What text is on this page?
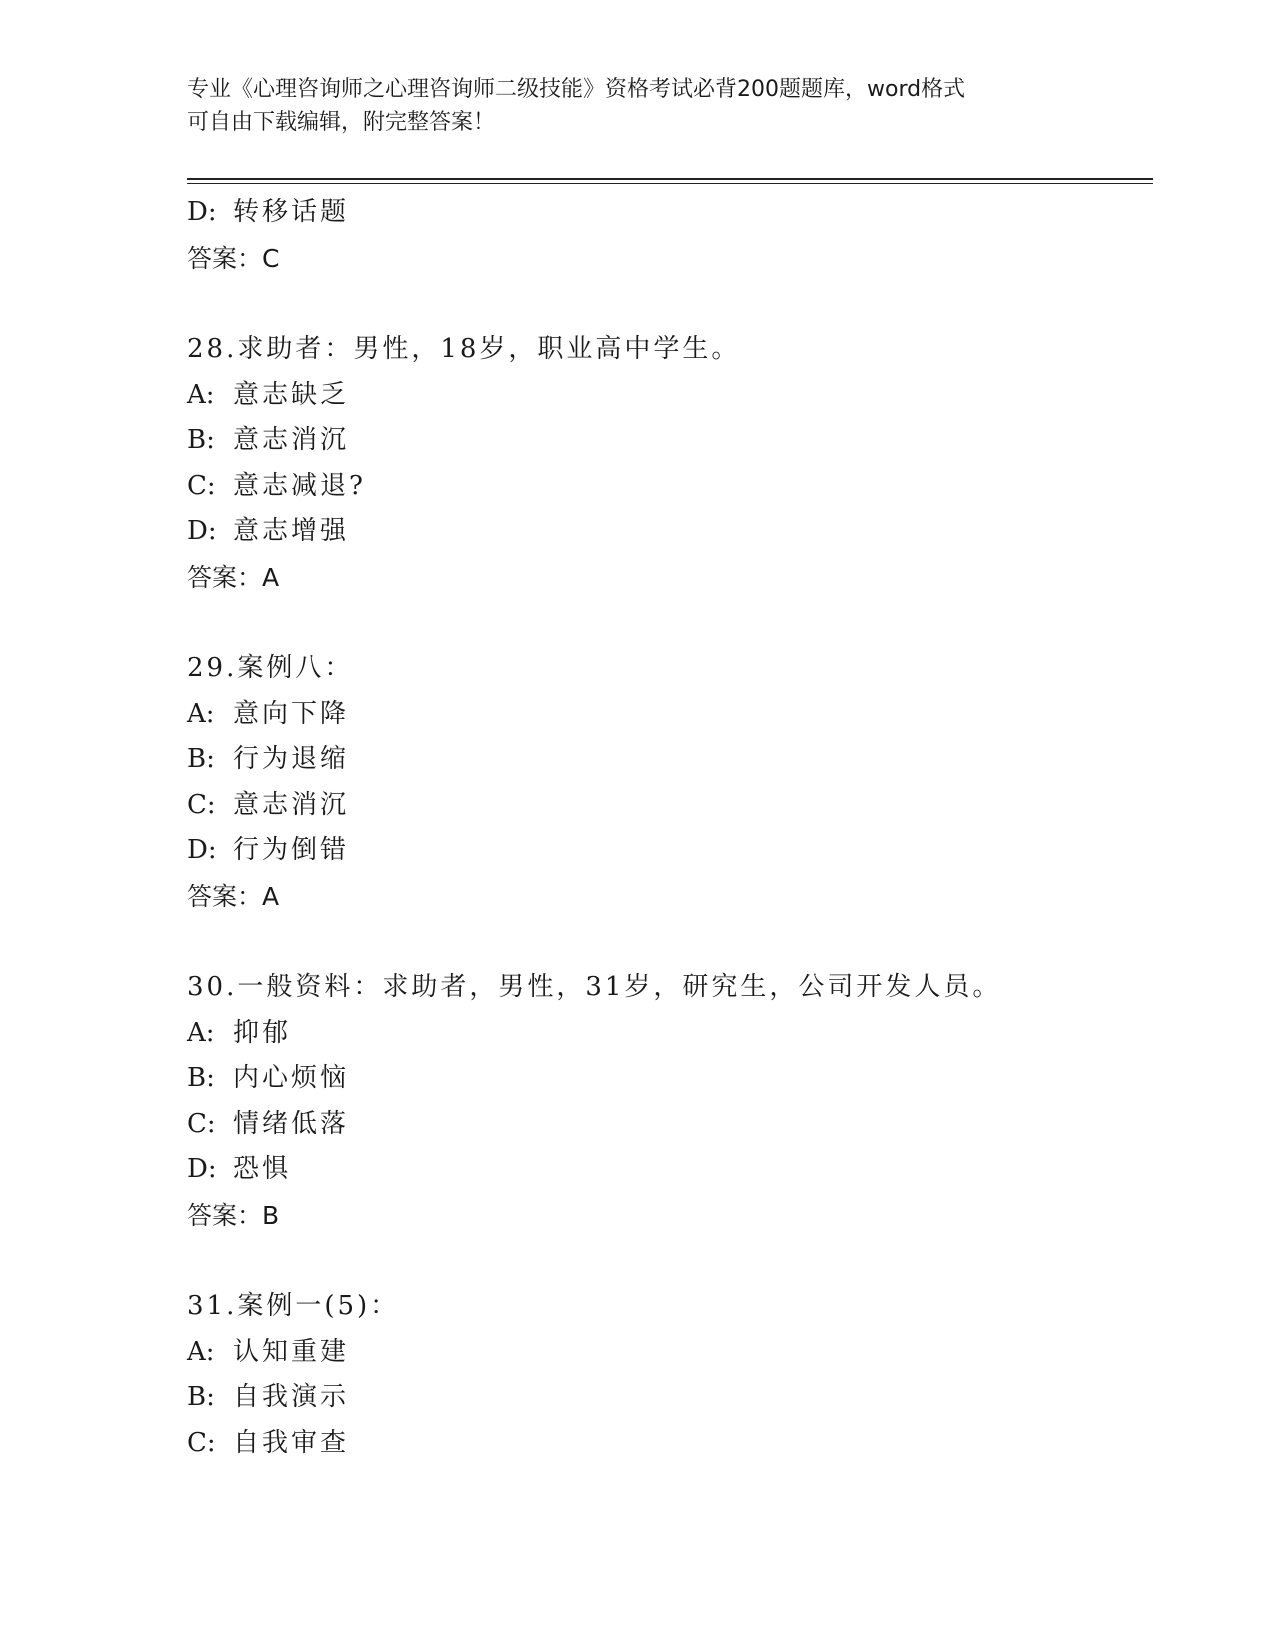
专业《心理咨询师之心理咨询师二级技能》资格考试必背200题题库，word格式
可自由下载编辑，附完整答案！
D: 转移话题
答案：C
28.求助者：男性，18岁，职业高中学生。
A: 意志缺乏
B: 意志消沉
C: 意志减退?
D: 意志增强
答案：A
29.案例八：
A: 意向下降
B: 行为退缩
C: 意志消沉
D: 行为倒错
答案：A
30.一般资料：求助者，男性，31岁，研究生，公司开发人员。
A: 抑郁
B: 内心烦恼
C: 情绪低落
D: 恐惧
答案：B
31.案例一(5)：
A: 认知重建
B: 自我演示
C: 自我审查
